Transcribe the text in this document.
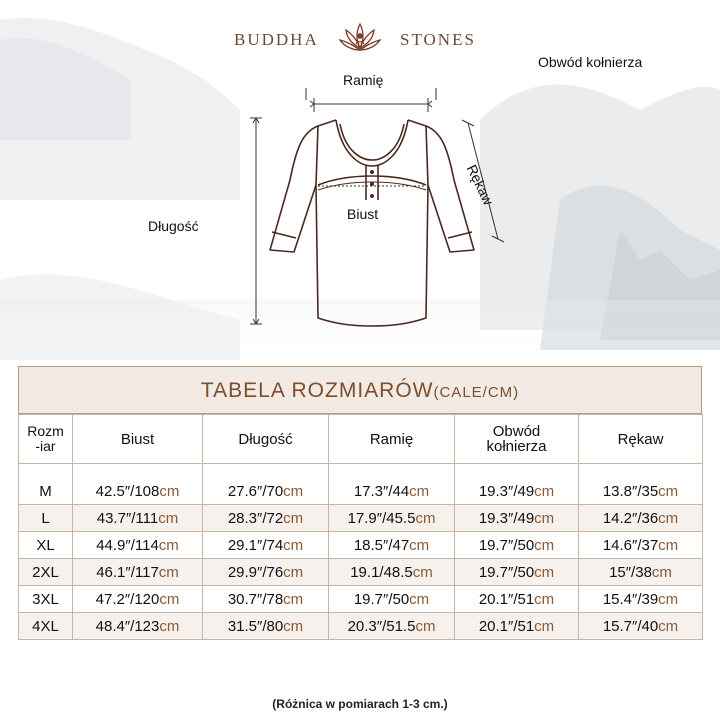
BUDDHA	STONES
Obwód kołnierza
Ramię
Rękaw
Długość
Biust
TABELA ROZMIARÓW(CALE/CM)
Rozm-iar	Biust	Długość	Ramię	Obwód kołnierza	Rękaw
M	42.5″/108cm	27.6″/70cm	17.3″/44cm	19.3″/49cm	13.8″/35cm
L	43.7″/111cm	28.3″/72cm	17.9″/45.5cm	19.3″/49cm	14.2″/36cm
XL	44.9″/114cm	29.1″/74cm	18.5″/47cm	19.7″/50cm	14.6″/37cm
2XL	46.1″/117cm	29.9″/76cm	19.1/48.5cm	19.7″/50cm	15″/38cm
3XL	47.2″/120cm	30.7″/78cm	19.7″/50cm	20.1″/51cm	15.4″/39cm
4XL	48.4″/123cm	31.5″/80cm	20.3″/51.5cm	20.1″/51cm	15.7″/40cm
(Różnica w pomiarach 1-3 cm.)
